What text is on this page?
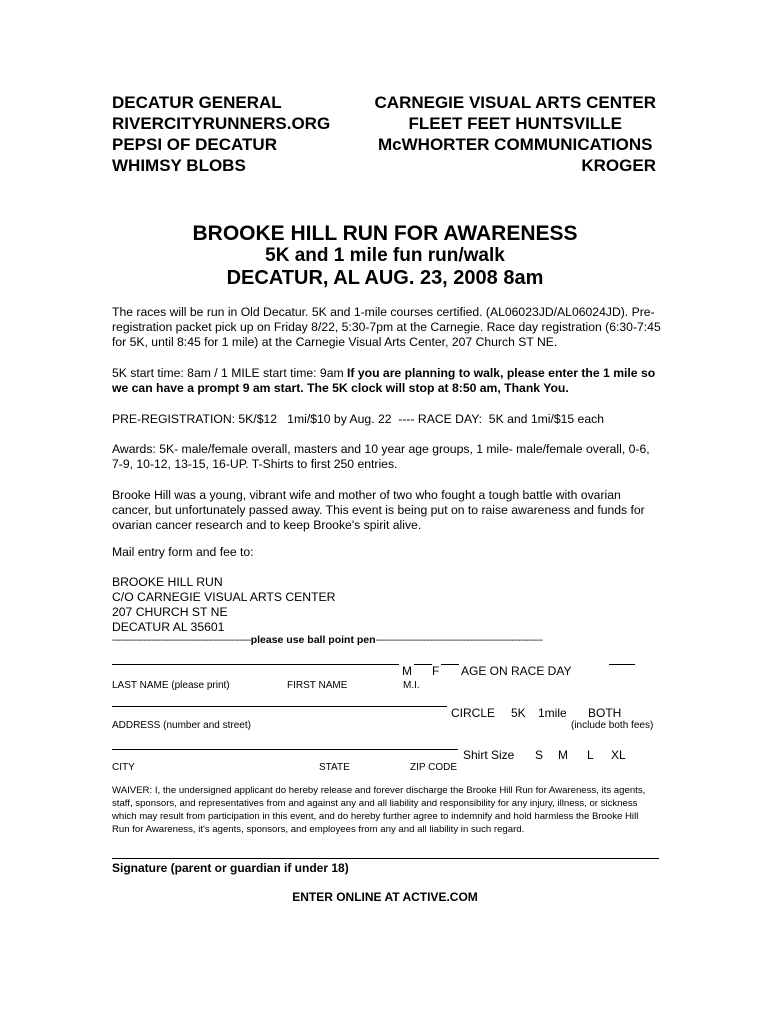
DECATUR GENERAL
RIVERCITYRUNNERS.ORG
PEPSI OF DECATUR
WHIMSY BLOBS
CARNEGIE VISUAL ARTS CENTER
FLEET FEET HUNTSVILLE
McWHORTER COMMUNICATIONS
KROGER
BROOKE HILL RUN FOR AWARENESS
5K and 1 mile fun run/walk
DECATUR, AL AUG. 23, 2008 8am
The races will be run in Old Decatur. 5K and 1-mile courses certified. (AL06023JD/AL06024JD). Pre-registration packet pick up on Friday 8/22, 5:30-7pm at the Carnegie. Race day registration (6:30-7:45 for 5K, until 8:45 for 1 mile) at the Carnegie Visual Arts Center, 207 Church ST NE.
5K start time: 8am / 1 MILE start time: 9am If you are planning to walk, please enter the 1 mile so we can have a prompt 9 am start. The 5K clock will stop at 8:50 am, Thank You.
PRE-REGISTRATION: 5K/$12   1mi/$10 by Aug. 22  ---- RACE DAY:  5K and 1mi/$15 each
Awards: 5K- male/female overall, masters and 10 year age groups, 1 mile- male/female overall, 0-6, 7-9, 10-12, 13-15, 16-UP. T-Shirts to first 250 entries.
Brooke Hill was a young, vibrant wife and mother of two who fought a tough battle with ovarian cancer, but unfortunately passed away. This event is being put on to raise awareness and funds for ovarian cancer research and to keep Brooke's spirit alive.
Mail entry form and fee to:
BROOKE HILL RUN
C/O CARNEGIE VISUAL ARTS CENTER
207 CHURCH ST NE
DECATUR AL 35601
-------------------------------------------------please use ball point pen-----------------------------------------------------------
M F AGE ON RACE DAY
LAST NAME (please print)	FIRST NAME	M.I.
CIRCLE 5K 1mile BOTH
ADDRESS (number and street)	(include both fees)
Shirt Size S M L XL
CITY	STATE	ZIP CODE
WAIVER: I, the undersigned applicant do hereby release and forever discharge the Brooke Hill Run for Awareness, its agents, staff, sponsors, and representatives from and against any and all liability and responsibility for any injury, illness, or sickness which may result from participation in this event, and do hereby further agree to indemnify and hold harmless the Brooke Hill Run for Awareness, it's agents, sponsors, and employees from any and all liability in such regard.
Signature (parent or guardian if under 18)
ENTER ONLINE AT ACTIVE.COM
